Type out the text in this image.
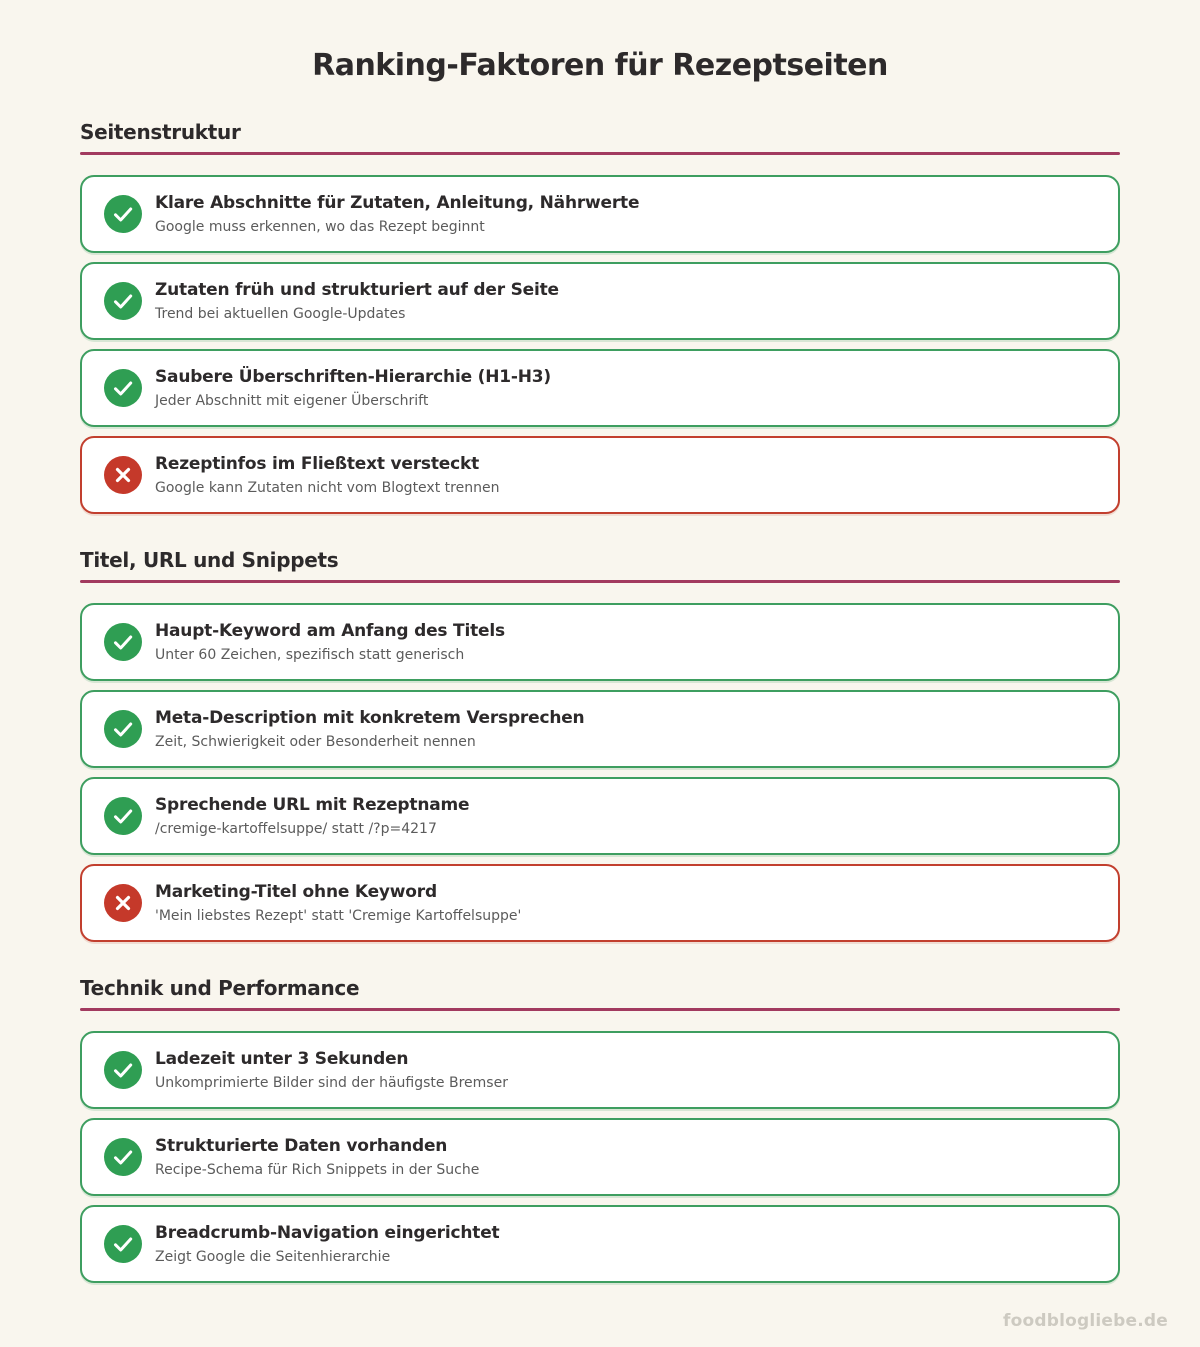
Ranking-Faktoren für Rezeptseiten
Seitenstruktur
Klare Abschnitte für Zutaten, Anleitung, Nährwerte
Google muss erkennen, wo das Rezept beginnt
Zutaten früh und strukturiert auf der Seite
Trend bei aktuellen Google-Updates
Saubere Überschriften-Hierarchie (H1-H3)
Jeder Abschnitt mit eigener Überschrift
Rezeptinfos im Fließtext versteckt
Google kann Zutaten nicht vom Blogtext trennen
Titel, URL und Snippets
Haupt-Keyword am Anfang des Titels
Unter 60 Zeichen, spezifisch statt generisch
Meta-Description mit konkretem Versprechen
Zeit, Schwierigkeit oder Besonderheit nennen
Sprechende URL mit Rezeptname
/cremige-kartoffelsuppe/ statt /?p=4217
Marketing-Titel ohne Keyword
'Mein liebstes Rezept' statt 'Cremige Kartoffelsuppe'
Technik und Performance
Ladezeit unter 3 Sekunden
Unkomprimierte Bilder sind der häufigste Bremser
Strukturierte Daten vorhanden
Recipe-Schema für Rich Snippets in der Suche
Breadcrumb-Navigation eingerichtet
Zeigt Google die Seitenhierarchie
foodblogliebe.de
